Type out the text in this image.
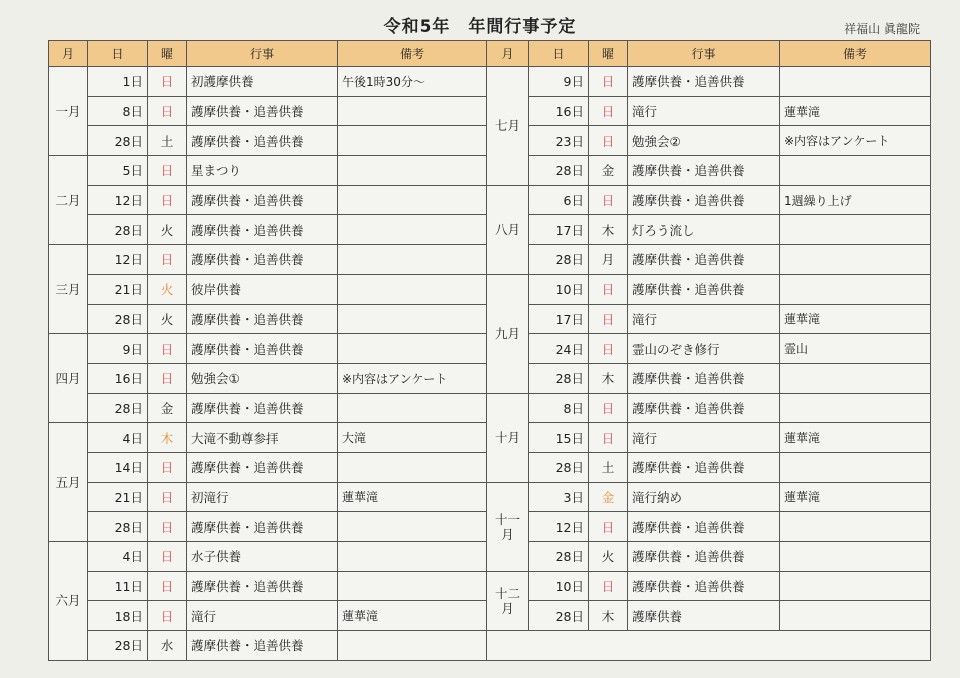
令和5年　年間行事予定	祥福山 眞龍院
月	日	曜	行事	備考
一月	1日	日	初護摩供養	午後1時30分～
	8日	日	護摩供養・追善供養	
	28日	土	護摩供養・追善供養	
二月	5日	日	星まつり	
	12日	日	護摩供養・追善供養	
	28日	火	護摩供養・追善供養	
三月	12日	日	護摩供養・追善供養	
	21日	火	彼岸供養	
	28日	火	護摩供養・追善供養	
四月	9日	日	護摩供養・追善供養	
	16日	日	勉強会①	※内容はアンケート
	28日	金	護摩供養・追善供養	
五月	4日	木	大滝不動尊参拝	大滝
	14日	日	護摩供養・追善供養	
	21日	日	初滝行	蓮華滝
	28日	日	護摩供養・追善供養	
六月	4日	日	水子供養	
	11日	日	護摩供養・追善供養	
	18日	日	滝行	蓮華滝
	28日	水	護摩供養・追善供養	
月	日	曜	行事	備考
七月	9日	日	護摩供養・追善供養	
	16日	日	滝行	蓮華滝
	23日	日	勉強会②	※内容はアンケート
	28日	金	護摩供養・追善供養	
八月	6日	日	護摩供養・追善供養	1週繰り上げ
	17日	木	灯ろう流し	
	28日	月	護摩供養・追善供養	
九月	10日	日	護摩供養・追善供養	
	17日	日	滝行	蓮華滝
	24日	日	霊山のぞき修行	霊山
	28日	木	護摩供養・追善供養	
十月	8日	日	護摩供養・追善供養	
	15日	日	滝行	蓮華滝
	28日	土	護摩供養・追善供養	
十一月	3日	金	滝行納め	蓮華滝
	12日	日	護摩供養・追善供養	
	28日	火	護摩供養・追善供養	
十二月	10日	日	護摩供養・追善供養	
	28日	木	護摩供養	
